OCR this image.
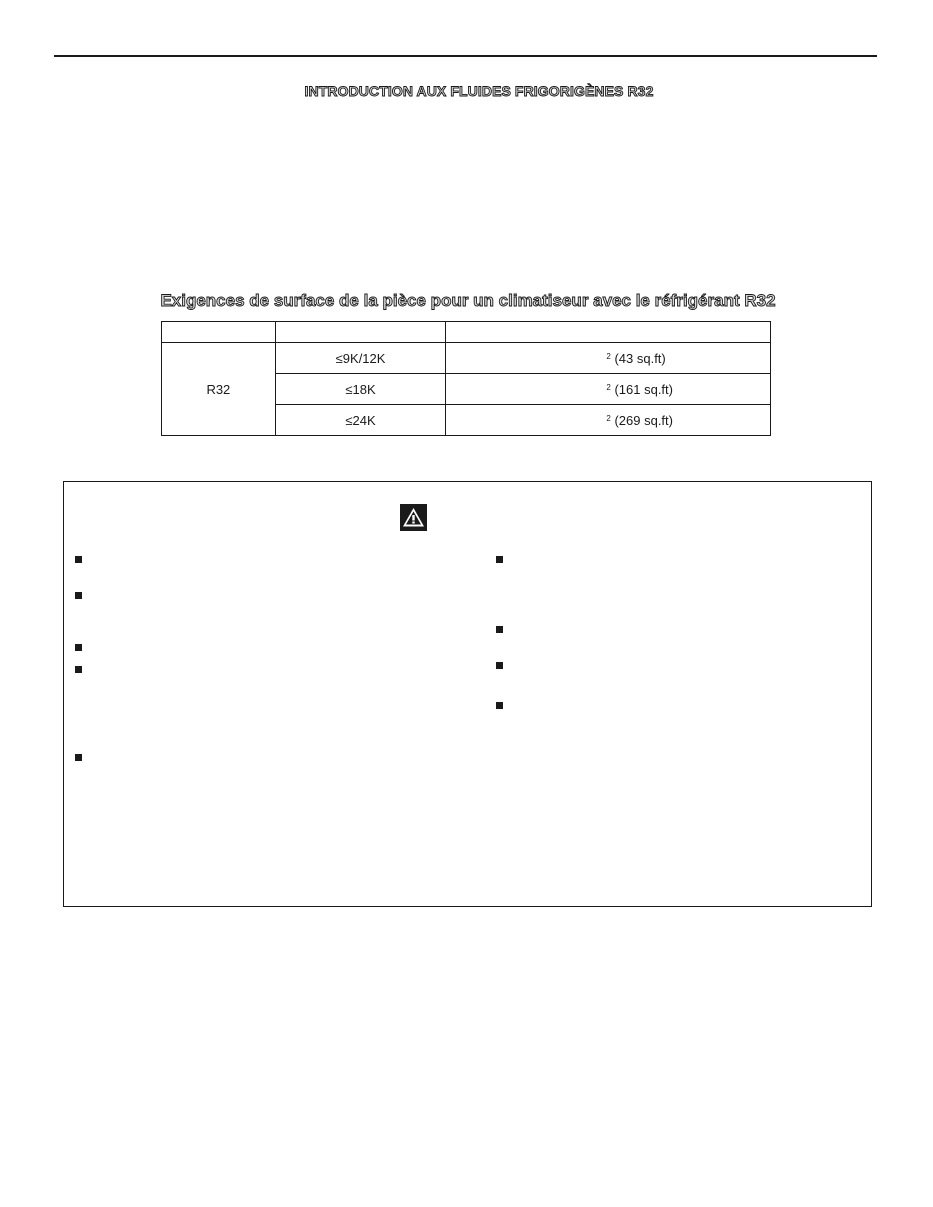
INTRODUCTION AUX FLUIDES FRIGORIGÈNES R32
Exigences de surface de la pièce pour un climatiseur avec le réfrigérant R32

R32	≤9K/12K	$^2$ (43 sq.ft)
	≤18K	$^2$ (161 sq.ft)
	≤24K	$^2$ (269 sq.ft)
